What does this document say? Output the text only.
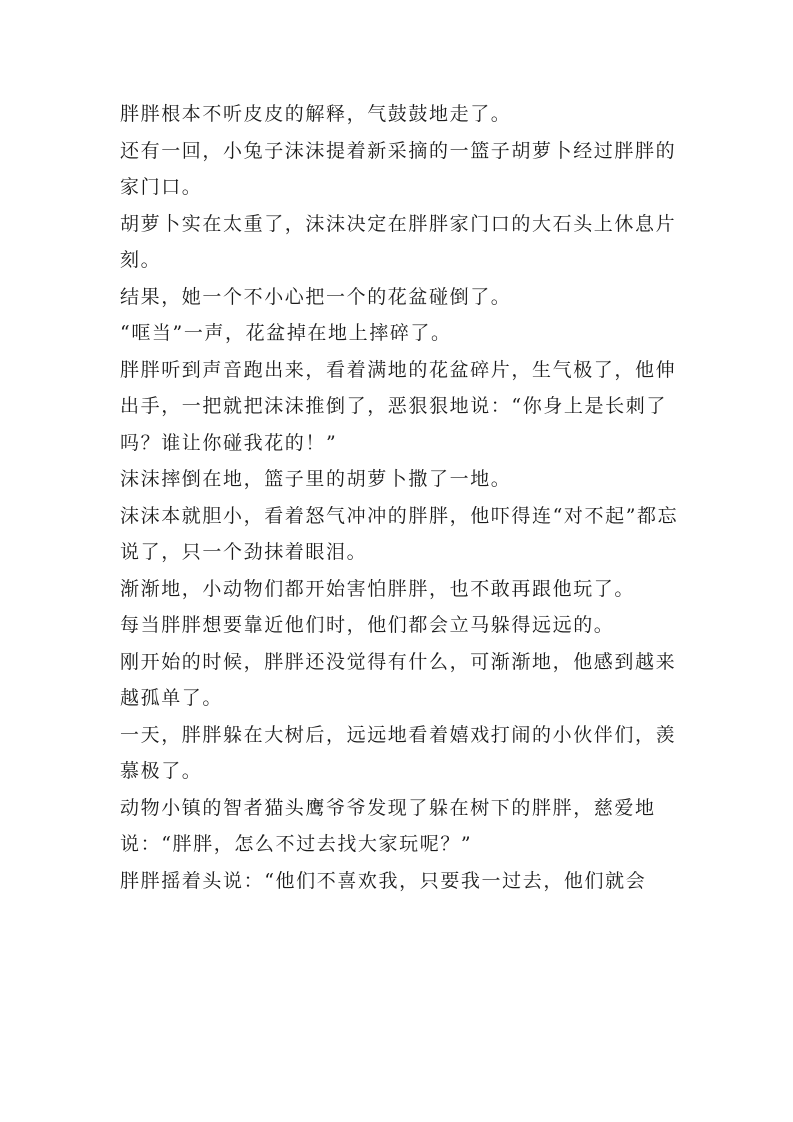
胖胖根本不听皮皮的解释，气鼓鼓地走了。

还有一回，小兔子沫沫提着新采摘的一篮子胡萝卜经过胖胖的家门口。

胡萝卜实在太重了，沫沫决定在胖胖家门口的大石头上休息片刻。

结果，她一个不小心把一个的花盆碰倒了。

“哐当”一声，花盆掉在地上摔碎了。

胖胖听到声音跑出来，看着满地的花盆碎片，生气极了，他伸出手，一把就把沫沫推倒了，恶狠狠地说：“你身上是长刺了吗？谁让你碰我花的！”

沫沫摔倒在地，篮子里的胡萝卜撒了一地。

沫沫本就胆小，看着怒气冲冲的胖胖，他吓得连“对不起”都忘说了，只一个劲抹着眼泪。

渐渐地，小动物们都开始害怕胖胖，也不敢再跟他玩了。

每当胖胖想要靠近他们时，他们都会立马躲得远远的。

刚开始的时候，胖胖还没觉得有什么，可渐渐地，他感到越来越孤单了。

一天，胖胖躲在大树后，远远地看着嬉戏打闹的小伙伴们，羡慕极了。

动物小镇的智者猫头鹰爷爷发现了躲在树下的胖胖，慈爱地说：“胖胖，怎么不过去找大家玩呢？”

胖胖摇着头说：“他们不喜欢我，只要我一过去，他们就会
